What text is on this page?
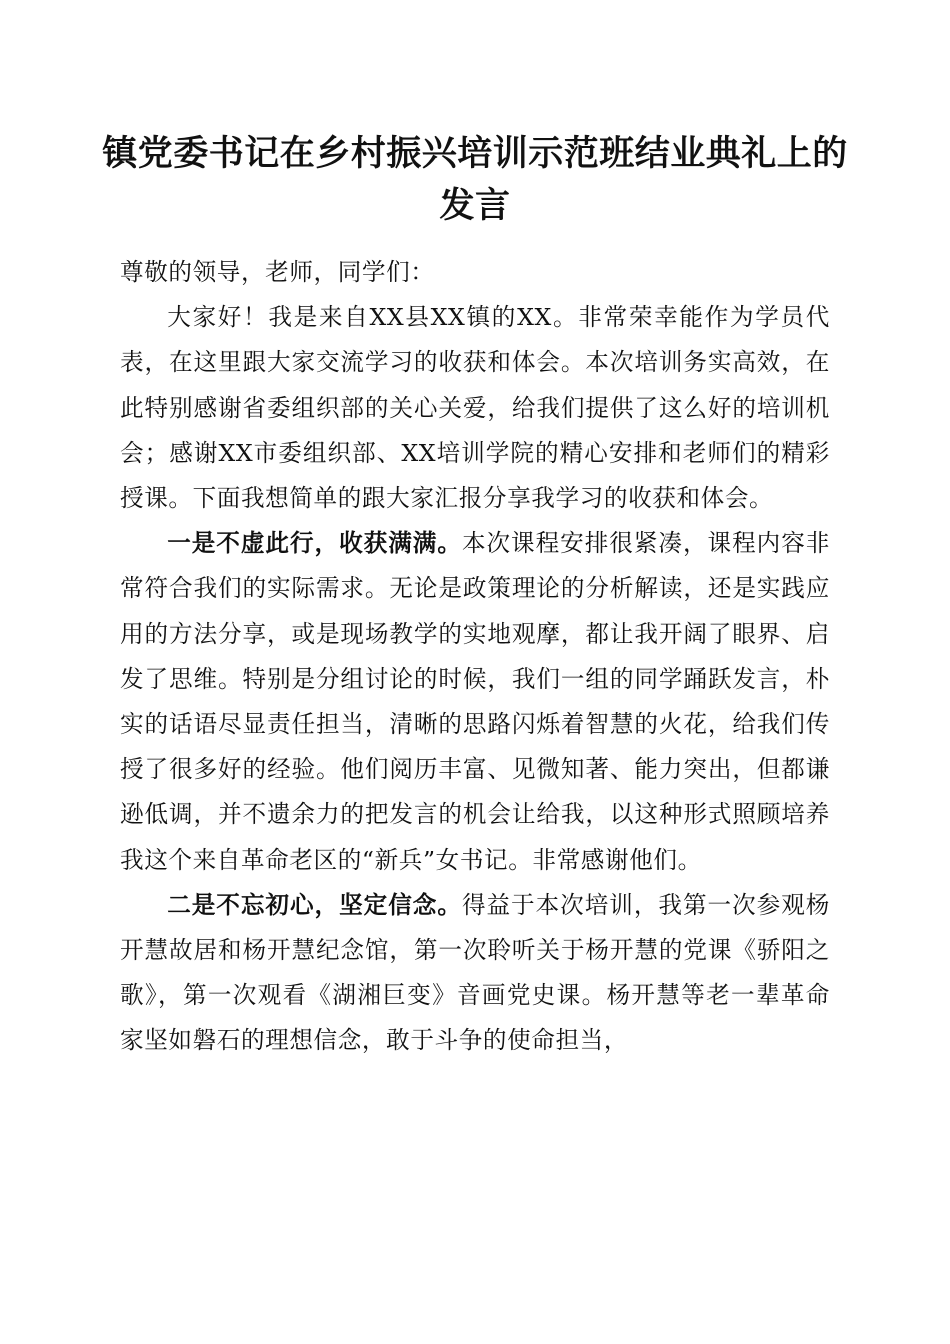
镇党委书记在乡村振兴培训示范班结业典礼上的发言

尊敬的领导，老师，同学们：

大家好！我是来自XX县XX镇的XX。非常荣幸能作为学员代表，在这里跟大家交流学习的收获和体会。本次培训务实高效，在此特别感谢省委组织部的关心关爱，给我们提供了这么好的培训机会；感谢XX市委组织部、XX培训学院的精心安排和老师们的精彩授课。下面我想简单的跟大家汇报分享我学习的收获和体会。

一是不虚此行，收获满满。本次课程安排很紧凑，课程内容非常符合我们的实际需求。无论是政策理论的分析解读，还是实践应用的方法分享，或是现场教学的实地观摩，都让我开阔了眼界、启发了思维。特别是分组讨论的时候，我们一组的同学踊跃发言，朴实的话语尽显责任担当，清晰的思路闪烁着智慧的火花，给我们传授了很多好的经验。他们阅历丰富、见微知著、能力突出，但都谦逊低调，并不遗余力的把发言的机会让给我，以这种形式照顾培养我这个来自革命老区的“新兵”女书记。非常感谢他们。

二是不忘初心，坚定信念。得益于本次培训，我第一次参观杨开慧故居和杨开慧纪念馆，第一次聆听关于杨开慧的党课《骄阳之歌》，第一次观看《湖湘巨变》音画党史课。杨开慧等老一辈革命家坚如磐石的理想信念，敢于斗争的使命担当，
